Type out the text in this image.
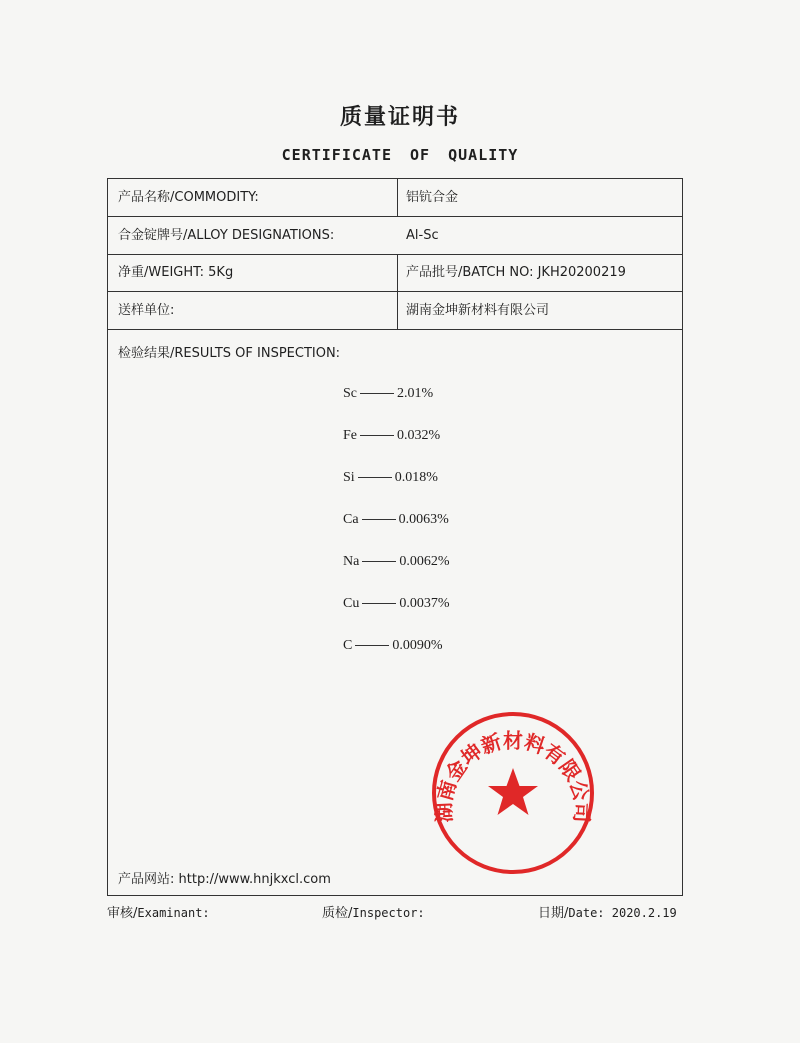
质量证明书
CERTIFICATE OF QUALITY
产品名称/COMMODITY:	铝钪合金
合金锭牌号/ALLOY DESIGNATIONS:	Al-Sc
净重/WEIGHT: 5Kg	产品批号/BATCH NO: JKH20200219
送样单位:	湖南金坤新材料有限公司
检验结果/RESULTS OF INSPECTION:
产品网站: http://www.hnjkxcl.com
Sc	2.01%
Fe	0.032%
Si	0.018%
Ca	0.0063%
Na	0.0062%
Cu	0.0037%
C	0.0090%
湖南金坤新材料有限公司
审核/Examinant:	质检/Inspector:	日期/Date: 2020.2.19
